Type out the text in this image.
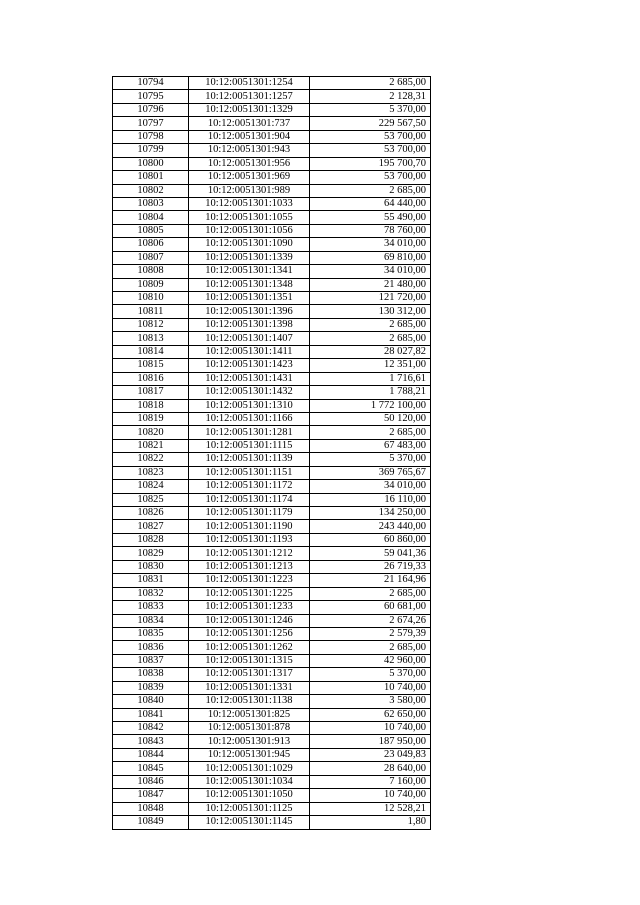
10794	10:12:0051301:1254	2 685,00
10795	10:12:0051301:1257	2 128,31
10796	10:12:0051301:1329	5 370,00
10797	10:12:0051301:737	229 567,50
10798	10:12:0051301:904	53 700,00
10799	10:12:0051301:943	53 700,00
10800	10:12:0051301:956	195 700,70
10801	10:12:0051301:969	53 700,00
10802	10:12:0051301:989	2 685,00
10803	10:12:0051301:1033	64 440,00
10804	10:12:0051301:1055	55 490,00
10805	10:12:0051301:1056	78 760,00
10806	10:12:0051301:1090	34 010,00
10807	10:12:0051301:1339	69 810,00
10808	10:12:0051301:1341	34 010,00
10809	10:12:0051301:1348	21 480,00
10810	10:12:0051301:1351	121 720,00
10811	10:12:0051301:1396	130 312,00
10812	10:12:0051301:1398	2 685,00
10813	10:12:0051301:1407	2 685,00
10814	10:12:0051301:1411	28 027,82
10815	10:12:0051301:1423	12 351,00
10816	10:12:0051301:1431	1 716,61
10817	10:12:0051301:1432	1 788,21
10818	10:12:0051301:1310	1 772 100,00
10819	10:12:0051301:1166	50 120,00
10820	10:12:0051301:1281	2 685,00
10821	10:12:0051301:1115	67 483,00
10822	10:12:0051301:1139	5 370,00
10823	10:12:0051301:1151	369 765,67
10824	10:12:0051301:1172	34 010,00
10825	10:12:0051301:1174	16 110,00
10826	10:12:0051301:1179	134 250,00
10827	10:12:0051301:1190	243 440,00
10828	10:12:0051301:1193	60 860,00
10829	10:12:0051301:1212	59 041,36
10830	10:12:0051301:1213	26 719,33
10831	10:12:0051301:1223	21 164,96
10832	10:12:0051301:1225	2 685,00
10833	10:12:0051301:1233	60 681,00
10834	10:12:0051301:1246	2 674,26
10835	10:12:0051301:1256	2 579,39
10836	10:12:0051301:1262	2 685,00
10837	10:12:0051301:1315	42 960,00
10838	10:12:0051301:1317	5 370,00
10839	10:12:0051301:1331	10 740,00
10840	10:12:0051301:1138	3 580,00
10841	10:12:0051301:825	62 650,00
10842	10:12:0051301:878	10 740,00
10843	10:12:0051301:913	187 950,00
10844	10:12:0051301:945	23 049,83
10845	10:12:0051301:1029	28 640,00
10846	10:12:0051301:1034	7 160,00
10847	10:12:0051301:1050	10 740,00
10848	10:12:0051301:1125	12 528,21
10849	10:12:0051301:1145	1,80
